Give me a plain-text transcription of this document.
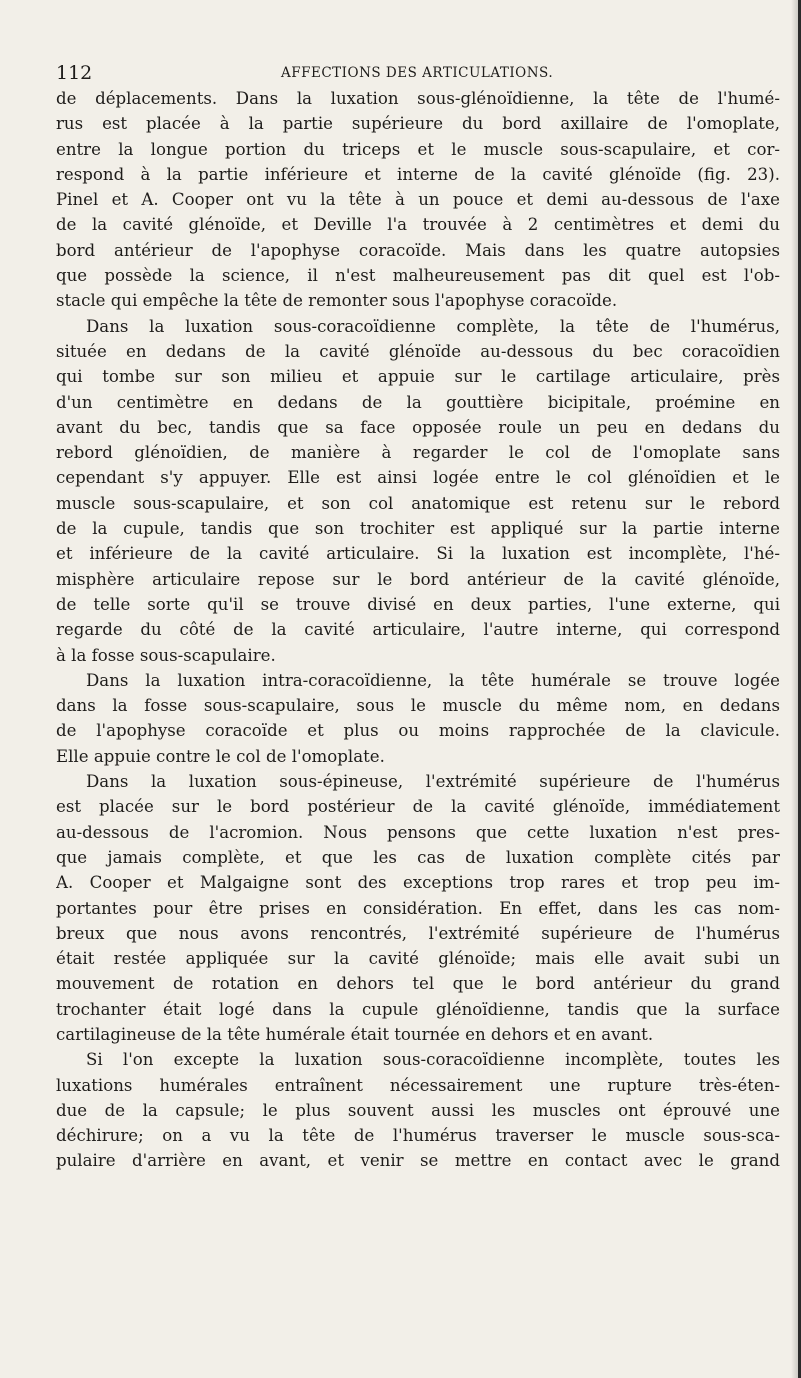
112	AFFECTIONS DES ARTICULATIONS.
de déplacements. Dans la luxation sous-glénoïdienne, la tête de l'humé-
rus est placée à la partie supérieure du bord axillaire de l'omoplate,
entre la longue portion du triceps et le muscle sous-scapulaire, et cor-
respond à la partie inférieure et interne de la cavité glénoïde (fig. 23).
Pinel et A. Cooper ont vu la tête à un pouce et demi au-dessous de l'axe
de la cavité glénoïde, et Deville l'a trouvée à 2 centimètres et demi du
bord antérieur de l'apophyse coracoïde. Mais dans les quatre autopsies
que possède la science, il n'est malheureusement pas dit quel est l'ob-
stacle qui empêche la tête de remonter sous l'apophyse coracoïde.
Dans la luxation sous-coracoïdienne complète, la tête de l'humérus,
située en dedans de la cavité glénoïde au-dessous du bec coracoïdien
qui tombe sur son milieu et appuie sur le cartilage articulaire, près
d'un centimètre en dedans de la gouttière bicipitale, proémine en
avant du bec, tandis que sa face opposée roule un peu en dedans du
rebord glénoïdien, de manière à regarder le col de l'omoplate sans
cependant s'y appuyer. Elle est ainsi logée entre le col glénoïdien et le
muscle sous-scapulaire, et son col anatomique est retenu sur le rebord
de la cupule, tandis que son trochiter est appliqué sur la partie interne
et inférieure de la cavité articulaire. Si la luxation est incomplète, l'hé-
misphère articulaire repose sur le bord antérieur de la cavité glénoïde,
de telle sorte qu'il se trouve divisé en deux parties, l'une externe, qui
regarde du côté de la cavité articulaire, l'autre interne, qui correspond
à la fosse sous-scapulaire.
Dans la luxation intra-coracoïdienne, la tête humérale se trouve logée
dans la fosse sous-scapulaire, sous le muscle du même nom, en dedans
de l'apophyse coracoïde et plus ou moins rapprochée de la clavicule.
Elle appuie contre le col de l'omoplate.
Dans la luxation sous-épineuse, l'extrémité supérieure de l'humérus
est placée sur le bord postérieur de la cavité glénoïde, immédiatement
au-dessous de l'acromion. Nous pensons que cette luxation n'est pres-
que jamais complète, et que les cas de luxation complète cités par
A. Cooper et Malgaigne sont des exceptions trop rares et trop peu im-
portantes pour être prises en considération. En effet, dans les cas nom-
breux que nous avons rencontrés, l'extrémité supérieure de l'humérus
était restée appliquée sur la cavité glénoïde; mais elle avait subi un
mouvement de rotation en dehors tel que le bord antérieur du grand
trochanter était logé dans la cupule glénoïdienne, tandis que la surface
cartilagineuse de la tête humérale était tournée en dehors et en avant.
Si l'on excepte la luxation sous-coracoïdienne incomplète, toutes les
luxations humérales entraînent nécessairement une rupture très-éten-
due de la capsule; le plus souvent aussi les muscles ont éprouvé une
déchirure; on a vu la tête de l'humérus traverser le muscle sous-sca-
pulaire d'arrière en avant, et venir se mettre en contact avec le grand
